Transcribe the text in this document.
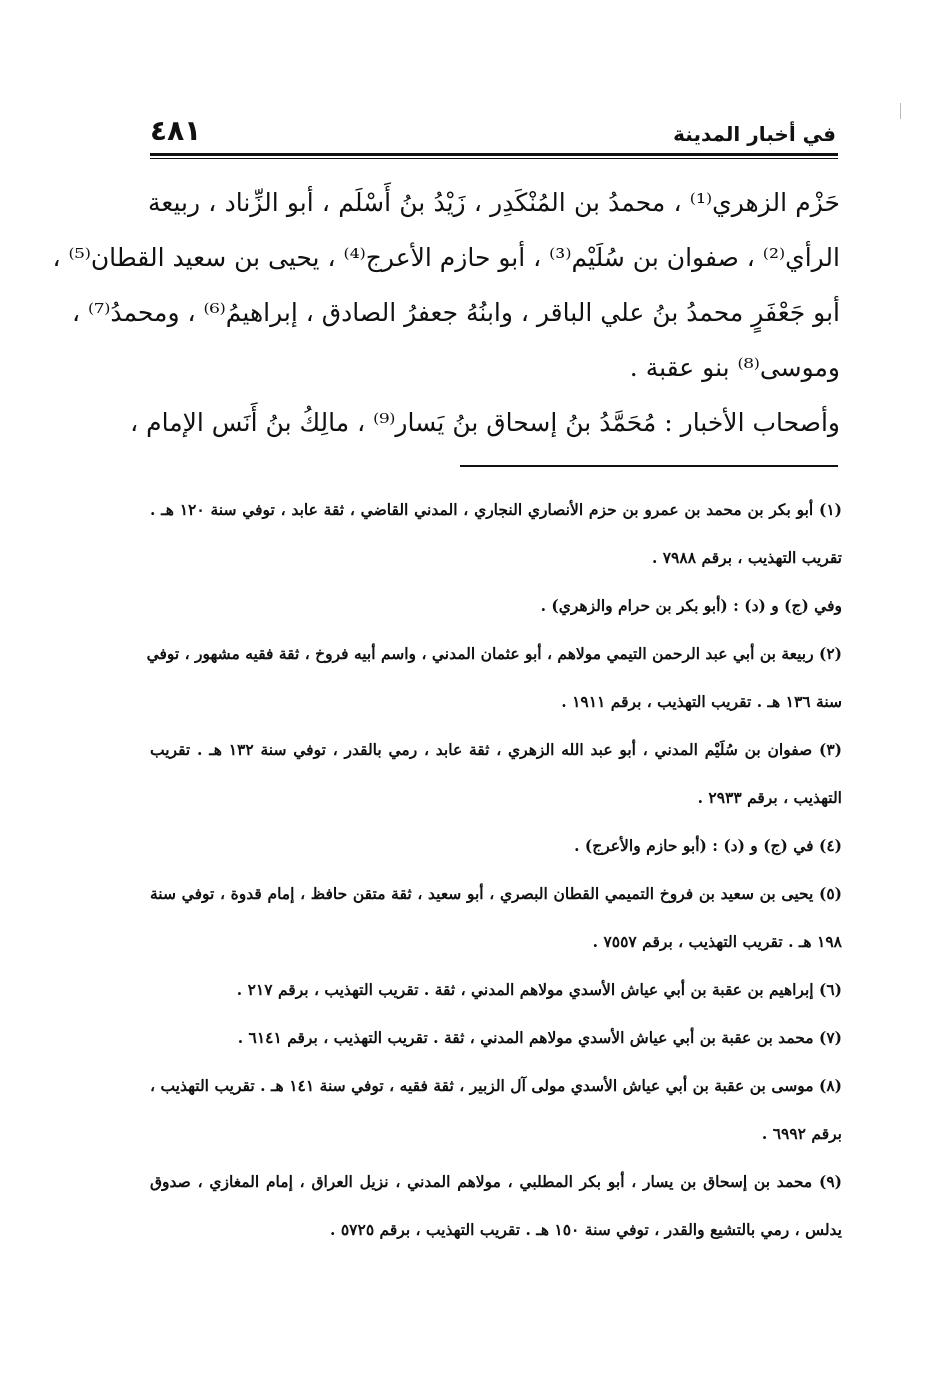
في أخبار المدينة
٤٨١
حَزْم الزهري⁽¹⁾ ، محمدُ بن المُنْكَدِر ، زَيْدُ بنُ أَسْلَم ، أبو الزِّناد ، ربيعة
الرأي⁽²⁾ ، صفوان بن سُلَيْم⁽³⁾ ، أبو حازم الأعرج⁽⁴⁾ ، يحيى بن سعيد القطان⁽⁵⁾ ،
أبو جَعْفَرٍ محمدُ بنُ علي الباقر ، وابنُهُ جعفرُ الصادق ، إبراهيمُ⁽⁶⁾ ، ومحمدُ⁽⁷⁾ ،
وموسى⁽⁸⁾ بنو عقبة .
وأصحاب الأخبار : مُحَمَّدُ بنُ إسحاق بنُ يَسار⁽⁹⁾ ، مالِكُ بنُ أَنَس الإمام ،
(١) أبو بكر بن محمد بن عمرو بن حزم الأنصاري النجاري ، المدني القاضي ، ثقة عابد ، توفي سنة ١٢٠ هـ .
تقريب التهذيب ، برقم ٧٩٨٨ .
وفي (ج) و (د) : (أبو بكر بن حرام والزهري) .
(٢) ربيعة بن أبي عبد الرحمن التيمي مولاهم ، أبو عثمان المدني ، واسم أبيه فروخ ، ثقة فقيه مشهور ، توفي
سنة ١٣٦ هـ . تقريب التهذيب ، برقم ١٩١١ .
(٣) صفوان بن سُلَيْم المدني ، أبو عبد الله الزهري ، ثقة عابد ، رمي بالقدر ، توفي سنة ١٣٢ هـ . تقريب
التهذيب ، برقم ٢٩٣٣ .
(٤) في (ج) و (د) : (أبو حازم والأعرج) .
(٥) يحيى بن سعيد بن فروخ التميمي القطان البصري ، أبو سعيد ، ثقة متقن حافظ ، إمام قدوة ، توفي سنة
١٩٨ هـ . تقريب التهذيب ، برقم ٧٥٥٧ .
(٦) إبراهيم بن عقبة بن أبي عياش الأسدي مولاهم المدني ، ثقة . تقريب التهذيب ، برقم ٢١٧ .
(٧) محمد بن عقبة بن أبي عياش الأسدي مولاهم المدني ، ثقة . تقريب التهذيب ، برقم ٦١٤١ .
(٨) موسى بن عقبة بن أبي عياش الأسدي مولى آل الزبير ، ثقة فقيه ، توفي سنة ١٤١ هـ . تقريب التهذيب ،
برقم ٦٩٩٢ .
(٩) محمد بن إسحاق بن يسار ، أبو بكر المطلبي ، مولاهم المدني ، نزيل العراق ، إمام المغازي ، صدوق
يدلس ، رمي بالتشيع والقدر ، توفي سنة ١٥٠ هـ . تقريب التهذيب ، برقم ٥٧٢٥ .
